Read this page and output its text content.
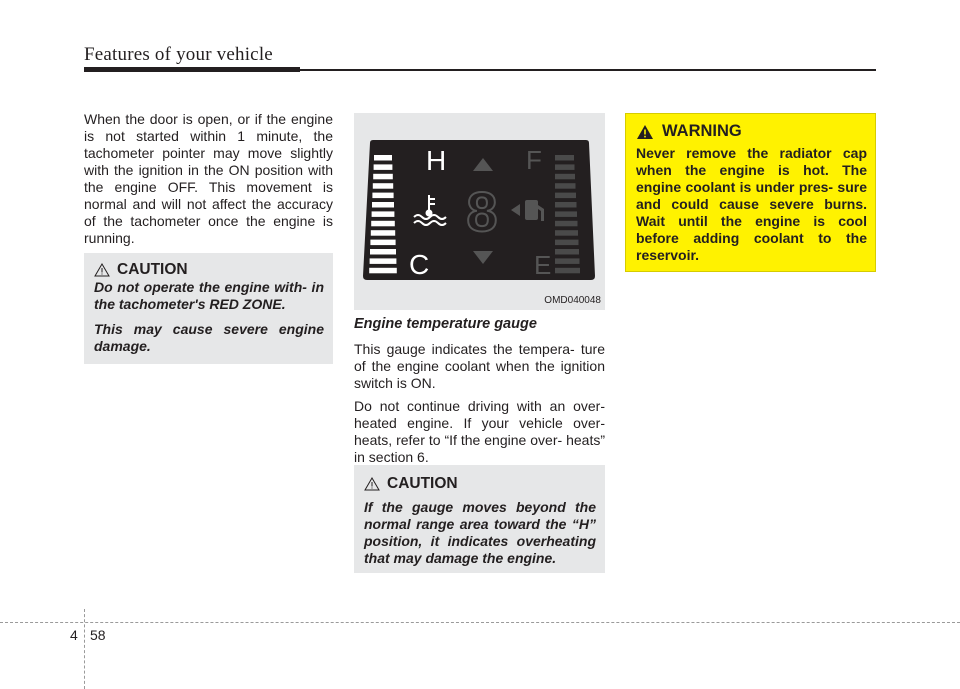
Features of your vehicle

When the door is open, or if the engine is not started within 1 minute, the tachometer pointer may move slightly with the ignition in the ON position with the engine OFF. This movement is normal and will not affect the accuracy of the tachometer once the engine is running.

CAUTION

Do not operate the engine with- in the tachometer's RED ZONE.

This may cause severe engine damage.

8
H
C
F
E
OMD040048
Engine temperature gauge

This gauge indicates the tempera- ture of the engine coolant when the ignition switch is ON.

Do not continue driving with an over- heated engine. If your vehicle over- heats, refer to “If the engine over- heats” in section 6.

CAUTION

If the gauge moves beyond the normal range area toward the “H” position, it indicates overheating that may damage the engine.

WARNING

Never remove the radiator cap when the engine is hot. The engine coolant is under pres- sure and could cause severe burns. Wait until the engine is cool before adding coolant to the reservoir.

4 58
